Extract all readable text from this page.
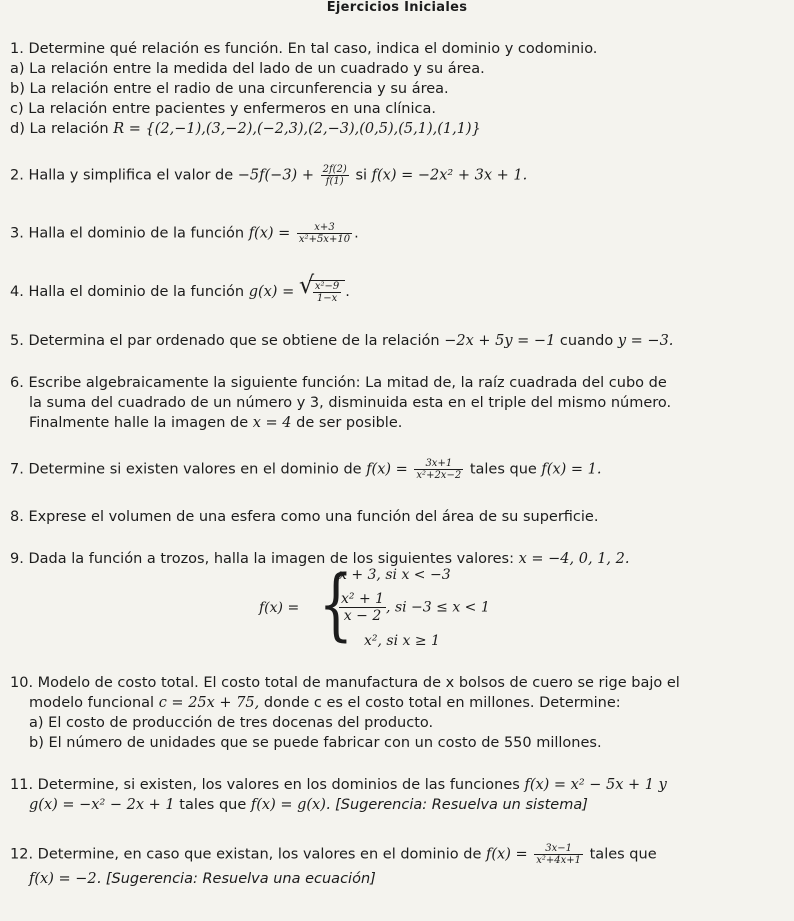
Ejercicios Iniciales
1. Determine qué relación es función. En tal caso, indica el dominio y codominio.
a) La relación entre la medida del lado de un cuadrado y su área.
b) La relación entre el radio de una circunferencia y su área.
c) La relación entre pacientes y enfermeros en una clínica.
d) La relación R = {(2,−1),(3,−2),(−2,3),(2,−3),(0,5),(5,1),(1,1)}
2. Halla y simplifica el valor de $-5f(-3) + \frac{2f(2)}{f(1)}$ si f(x) = −2x² + 3x + 1.
3. Halla el dominio de la función $f(x) = \frac{x+3}{\text{x²+5x+10}}$ .
4. Halla el dominio de la función g(x) = √
$\frac{\text{x²−9}}{1-x}$ .
5. Determina el par ordenado que se obtiene de la relación −2x + 5y = −1 cuando y = −3.
6. Escribe algebraicamente la siguiente función: La mitad de, la raíz cuadrada del cubo de
la suma del cuadrado de un número y 3, disminuida esta en el triple del mismo número.
Finalmente halle la imagen de x = 4 de ser posible.
7. Determine si existen valores en el dominio de $f(x) = \frac{3x+1}{\text{x²+2x−2}}$ tales que f(x) = 1.
8. Exprese el volumen de una esfera como una función del área de su superficie.
9. Dada la función a trozos, halla la imagen de los siguientes valores: x = −4, 0, 1, 2.
f(x) = {
x + 3, si x < −3
$\frac{\text{x² + 1}}{x - 2}$ , si −3 ≤ x < 1
x², si x ≥ 1
10. Modelo de costo total. El costo total de manufactura de x bolsos de cuero se rige bajo el
modelo funcional c = 25x + 75, donde c es el costo total en millones. Determine:
a) El costo de producción de tres docenas del producto.
b) El número de unidades que se puede fabricar con un costo de 550 millones.
11. Determine, si existen, los valores en los dominios de las funciones f(x) = x² − 5x + 1 y
g(x) = −x² − 2x + 1 tales que f(x) = g(x). [Sugerencia: Resuelva un sistema]
12. Determine, en caso que existan, los valores en el dominio de $f(x) = \frac{3x-1}{\text{x²+4x+1}}$ tales que
f(x) = −2. [Sugerencia: Resuelva una ecuación]
